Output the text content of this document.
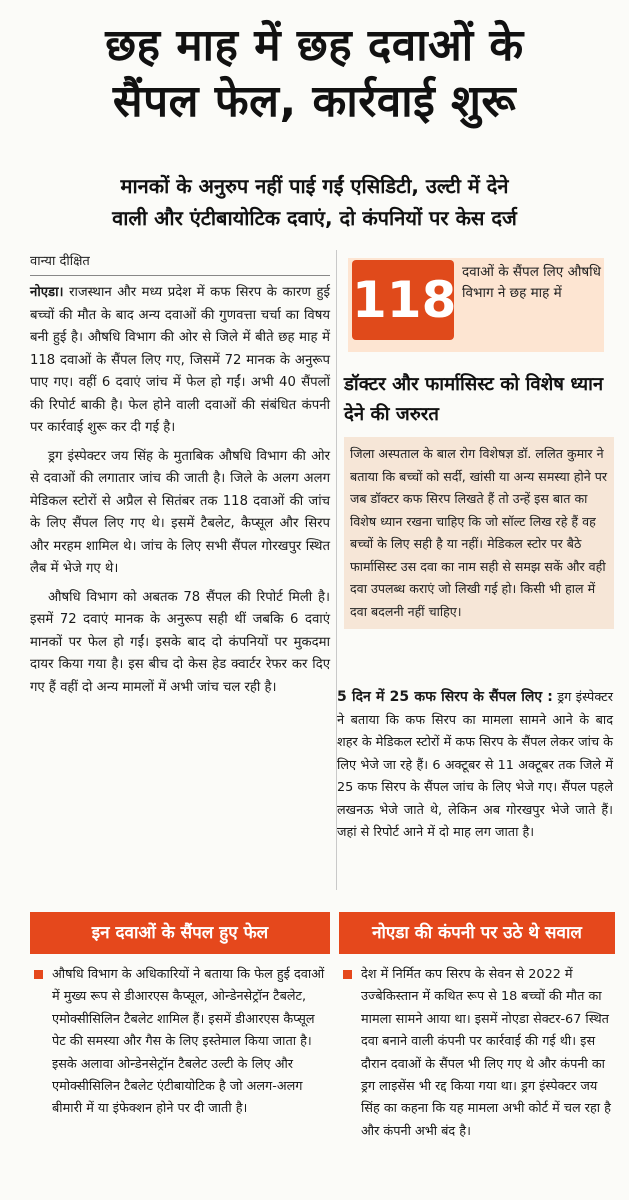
छह माह में छह दवाओं के
सैंपल फेल, कार्रवाई शुरू
मानकों के अनुरुप नहीं पाई गईं एसिडिटी, उल्टी में देने
वाली और एंटीबायोटिक दवाएं, दो कंपनियों पर केस दर्ज
वान्या दीक्षित

नोएडा। राजस्थान और मध्य प्रदेश में कफ सिरप के कारण हुई बच्चों की मौत के बाद अन्य दवाओं की गुणवत्ता चर्चा का विषय बनी हुई है। औषधि विभाग की ओर से जिले में बीते छह माह में 118 दवाओं के सैंपल लिए गए, जिसमें 72 मानक के अनुरूप पाए गए। वहीं 6 दवाएं जांच में फेल हो गईं। अभी 40 सैंपलों की रिपोर्ट बाकी है। फेल होने वाली दवाओं की संबंधित कंपनी पर कार्रवाई शुरू कर दी गई है।

ड्रग इंस्पेक्टर जय सिंह के मुताबिक औषधि विभाग की ओर से दवाओं की लगातार जांच की जाती है। जिले के अलग अलग मेडिकल स्टोरों से अप्रैल से सितंबर तक 118 दवाओं की जांच के लिए सैंपल लिए गए थे। इसमें टैबलेट, कैप्सूल और सिरप और मरहम शामिल थे। जांच के लिए सभी सैंपल गोरखपुर स्थित लैब में भेजे गए थे।

औषधि विभाग को अबतक 78 सैंपल की रिपोर्ट मिली है। इसमें 72 दवाएं मानक के अनुरूप सही थीं जबकि 6 दवाएं मानकों पर फेल हो गईं। इसके बाद दो कंपनियों पर मुकदमा दायर किया गया है। इस बीच दो केस हेड क्वार्टर रेफर कर दिए गए हैं वहीं दो अन्य मामलों में अभी जांच चल रही है।

118 दवाओं के सैंपल लिए औषधि विभाग ने छह माह में
डॉक्टर और फार्मासिस्ट को विशेष ध्यान देने की जरुरत
जिला अस्पताल के बाल रोग विशेषज्ञ डॉ. ललित कुमार ने बताया कि बच्चों को सर्दी, खांसी या अन्य समस्या होने पर जब डॉक्टर कफ सिरप लिखते हैं तो उन्हें इस बात का विशेष ध्यान रखना चाहिए कि जो सॉल्ट लिख रहे हैं वह बच्चों के लिए सही है या नहीं। मेडिकल स्टोर पर बैठे फार्मासिस्ट उस दवा का नाम सही से समझ सकें और वही दवा उपलब्ध कराएं जो लिखी गई हो। किसी भी हाल में दवा बदलनी नहीं चाहिए।
5 दिन में 25 कफ सिरप के सैंपल लिए : ड्रग इंस्पेक्टर ने बताया कि कफ सिरप का मामला सामने आने के बाद शहर के मेडिकल स्टोरों में कफ सिरप के सैंपल लेकर जांच के लिए भेजे जा रहे हैं। 6 अक्टूबर से 11 अक्टूबर तक जिले में 25 कफ सिरप के सैंपल जांच के लिए भेजे गए। सैंपल पहले लखनऊ भेजे जाते थे, लेकिन अब गोरखपुर भेजे जाते हैं। जहां से रिपोर्ट आने में दो माह लग जाता है।
इन दवाओं के सैंपल हुए फेल	नोएडा की कंपनी पर उठे थे सवाल
औषधि विभाग के अधिकारियों ने बताया कि फेल हुई दवाओं में मुख्य रूप से डीआरएस कैप्सूल, ओन्डेनसेट्रॉन टैबलेट, एमोक्सीसिलिन टैबलेट शामिल हैं। इसमें डीआरएस कैप्सूल पेट की समस्या और गैस के लिए इस्तेमाल किया जाता है। इसके अलावा ओन्डेनसेट्रॉन टैबलेट उल्टी के लिए और एमोक्सीसिलिन टैबलेट एंटीबायोटिक है जो अलग-अलग बीमारी में या इंफेक्शन होने पर दी जाती है।
देश में निर्मित कप सिरप के सेवन से 2022 में उज्बेकिस्तान में कथित रूप से 18 बच्चों की मौत का मामला सामने आया था। इसमें नोएडा सेक्टर-67 स्थित दवा बनाने वाली कंपनी पर कार्रवाई की गई थी। इस दौरान दवाओं के सैंपल भी लिए गए थे और कंपनी का ड्रग लाइसेंस भी रद्द किया गया था। ड्रग इंस्पेक्टर जय सिंह का कहना कि यह मामला अभी कोर्ट में चल रहा है और कंपनी अभी बंद है।
